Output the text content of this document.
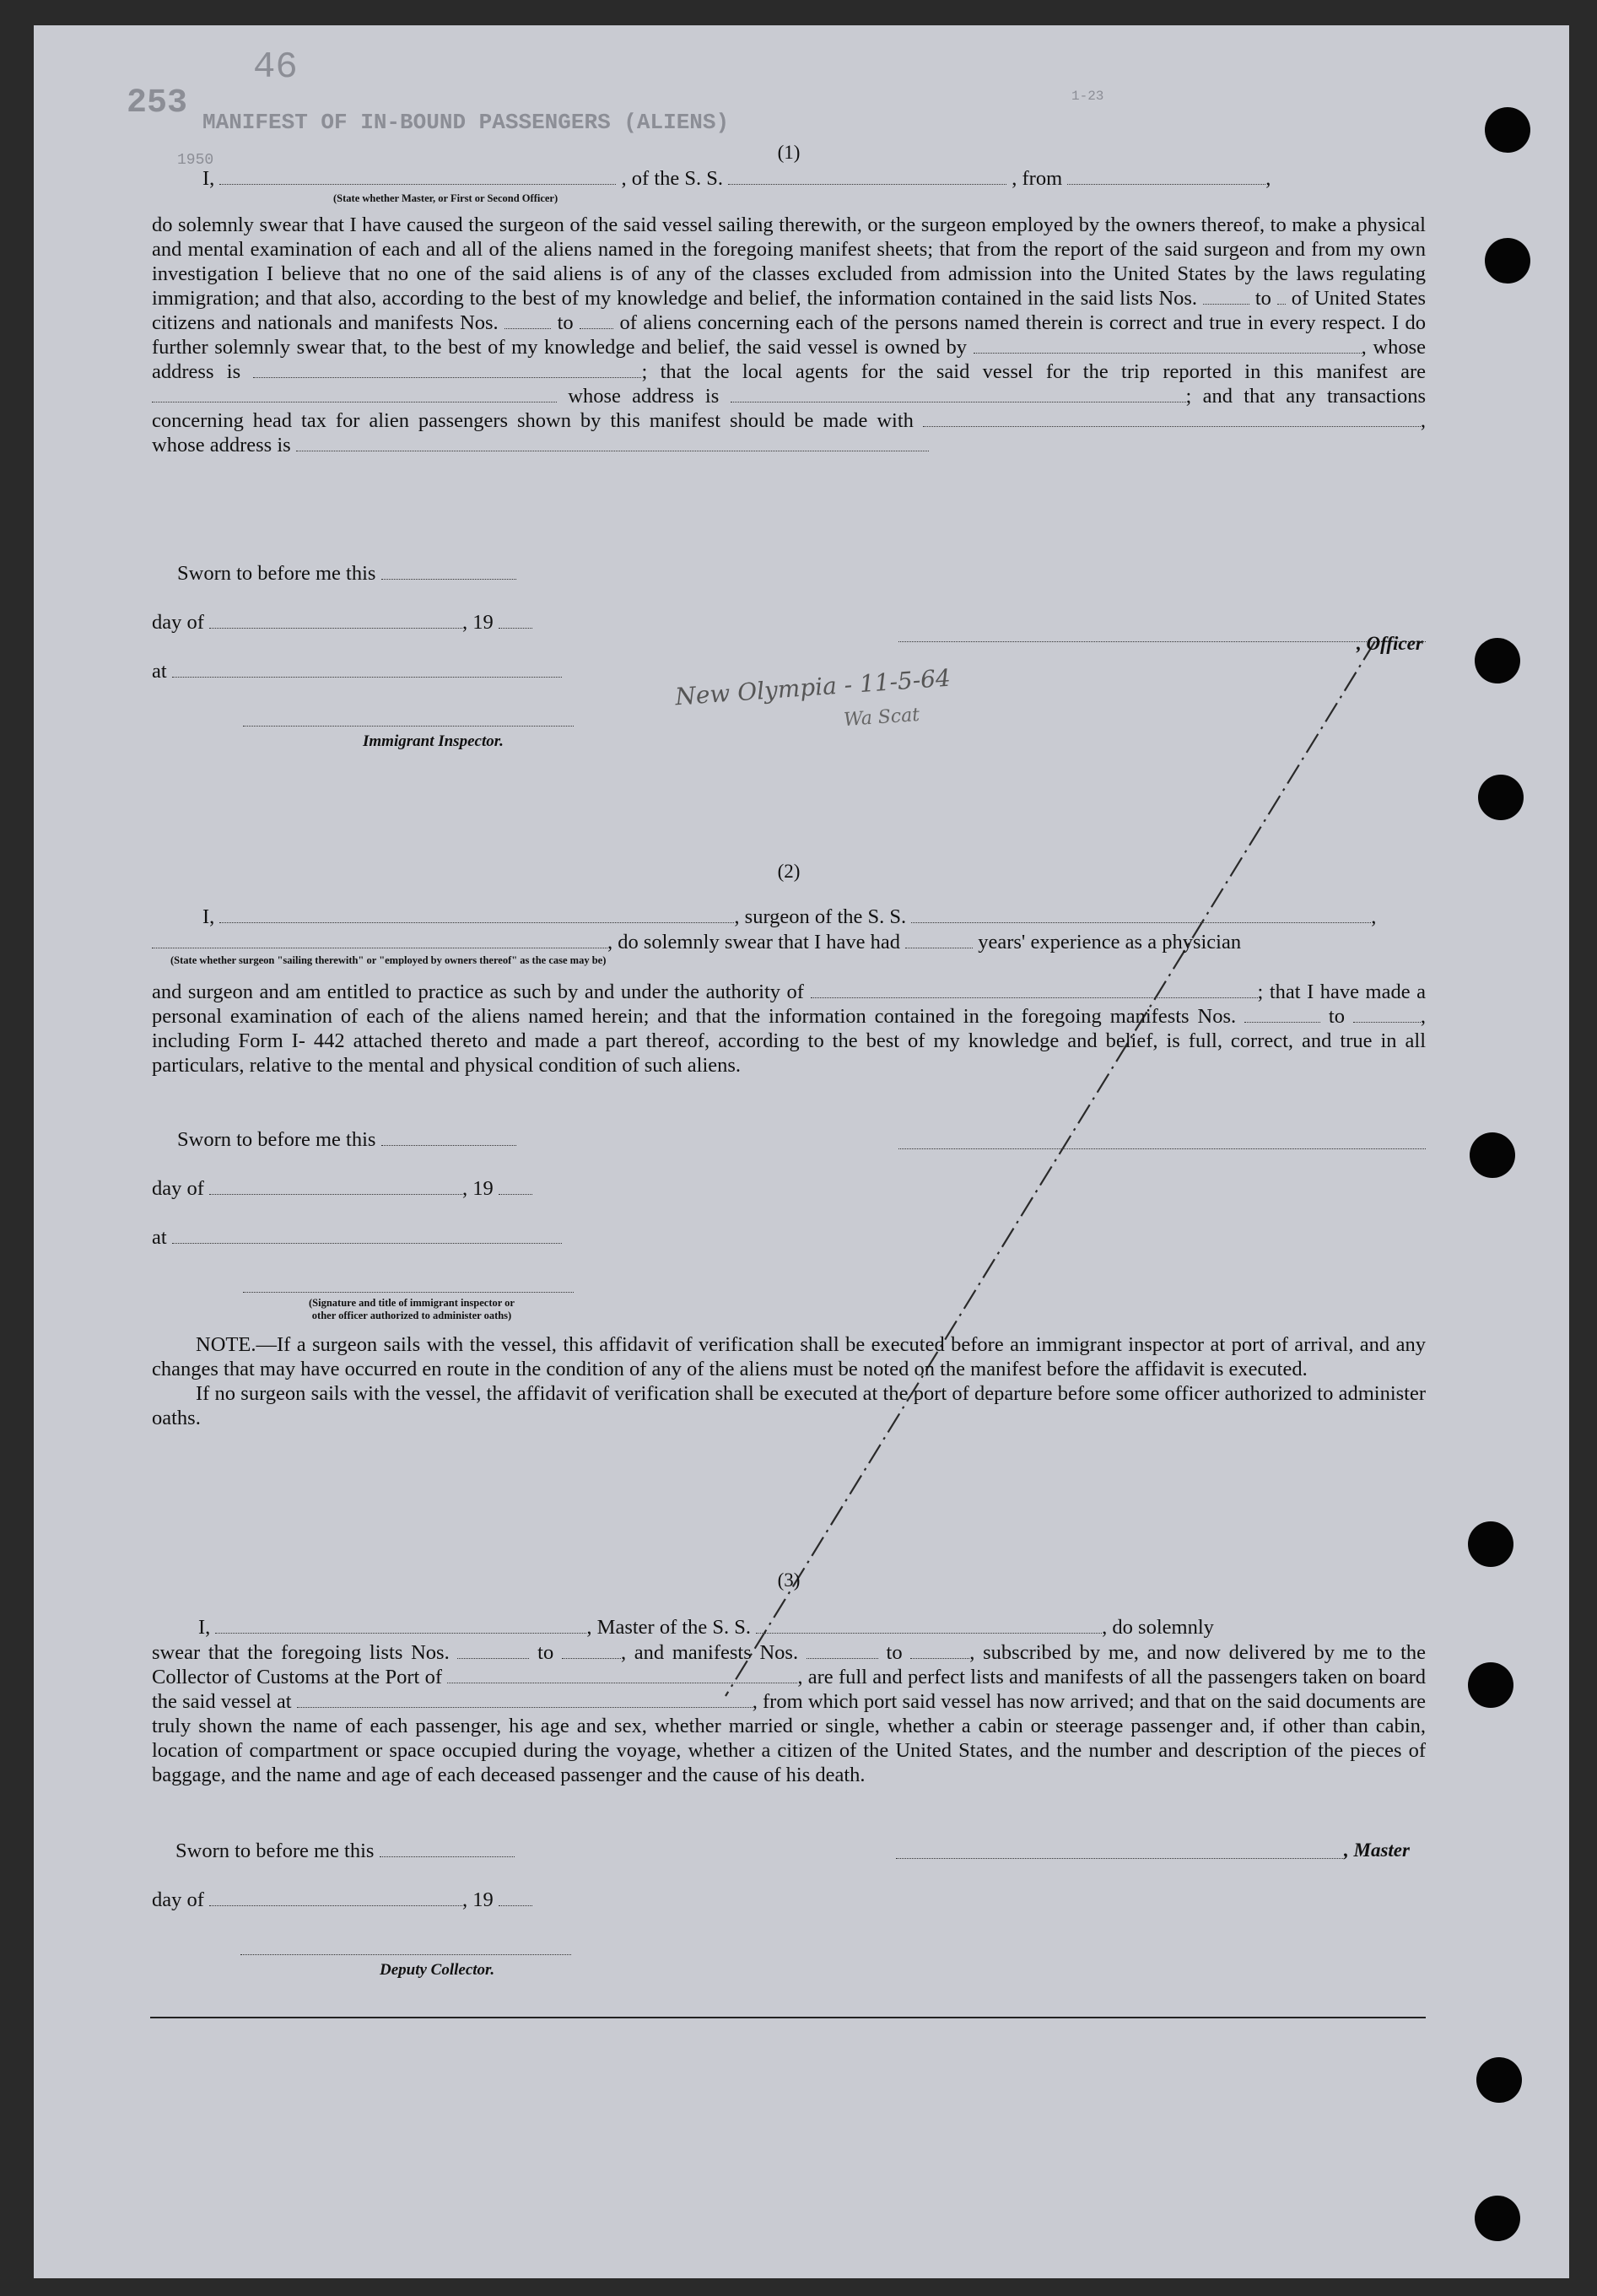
253
46
MANIFEST OF IN-BOUND PASSENGERS (ALIENS)
1-23
1950	(1)
I,	, of the S. S.	, from	,
(State whether Master, or First or Second Officer)

do solemnly swear that I have caused the surgeon of the said vessel sailing therewith, or the surgeon employed by the owners thereof, to make a physical and mental examination of each and all of the aliens named in the foregoing manifest sheets; that from the report of the said surgeon and from my own investigation I believe that no one of the said aliens is of any of the classes excluded from admission into the United States by the laws regulating immigration; and that also, according to the best of my knowledge and belief, the information contained in the said lists Nos.	to of United States citizens and nationals and manifests Nos.	to of aliens concerning each of the persons named therein is correct and true in every respect. I do further solemnly swear that, to the best of my knowledge and belief, the said vessel is owned by	, whose address is	; that the local agents for the said vessel for the trip reported in this manifest are  whose address is	; and that any transactions concerning head tax for alien passengers shown by this manifest should be made with	, whose address is

Sworn to before me this
day of	, 19
at
, Officer
Immigrant Inspector.
New Olympia - 11-5-64
Wa Scat
(2)
I,	, surgeon of the S. S.	,
, do solemnly swear that I have had	years' experience as a physician
(State whether surgeon "sailing therewith" or "employed by owners thereof" as the case may be)

and surgeon and am entitled to practice as such by and under the authority of	; that I have made a personal examination of each of the aliens named herein; and that the information contained in the foregoing manifests Nos.	to	, including Form I- 442 attached thereto and made a part thereof, according to the best of my knowledge and belief, is full, correct, and true in all particulars, relative to the mental and physical condition of such aliens.

Sworn to before me this
day of	, 19
at
(Signature and title of immigrant inspector or
other officer authorized to administer oaths)

NOTE.—If a surgeon sails with the vessel, this affidavit of verification shall be executed before an immigrant inspector at port of arrival, and any changes that may have occurred en route in the condition of any of the aliens must be noted on the manifest before the affidavit is executed.

If no surgeon sails with the vessel, the affidavit of verification shall be executed at the port of departure before some officer authorized to administer oaths.

(3)
I,	, Master of the S. S.	, do solemnly

swear that the foregoing lists Nos.	to	, and manifests Nos.	to	, subscribed by me, and now delivered by me to the Collector of Customs at the Port of	, are full and perfect lists and manifests of all the passengers taken on board the said vessel at	, from which port said vessel has now arrived; and that on the said documents are truly shown the name of each passenger, his age and sex, whether married or single, whether a cabin or steerage passenger and, if other than cabin, location of compartment or space occupied during the voyage, whether a citizen of the United States, and the number and description of the pieces of baggage, and the name and age of each deceased passenger and the cause of his death.

Sworn to before me this	, Master
day of	, 19
Deputy Collector.
